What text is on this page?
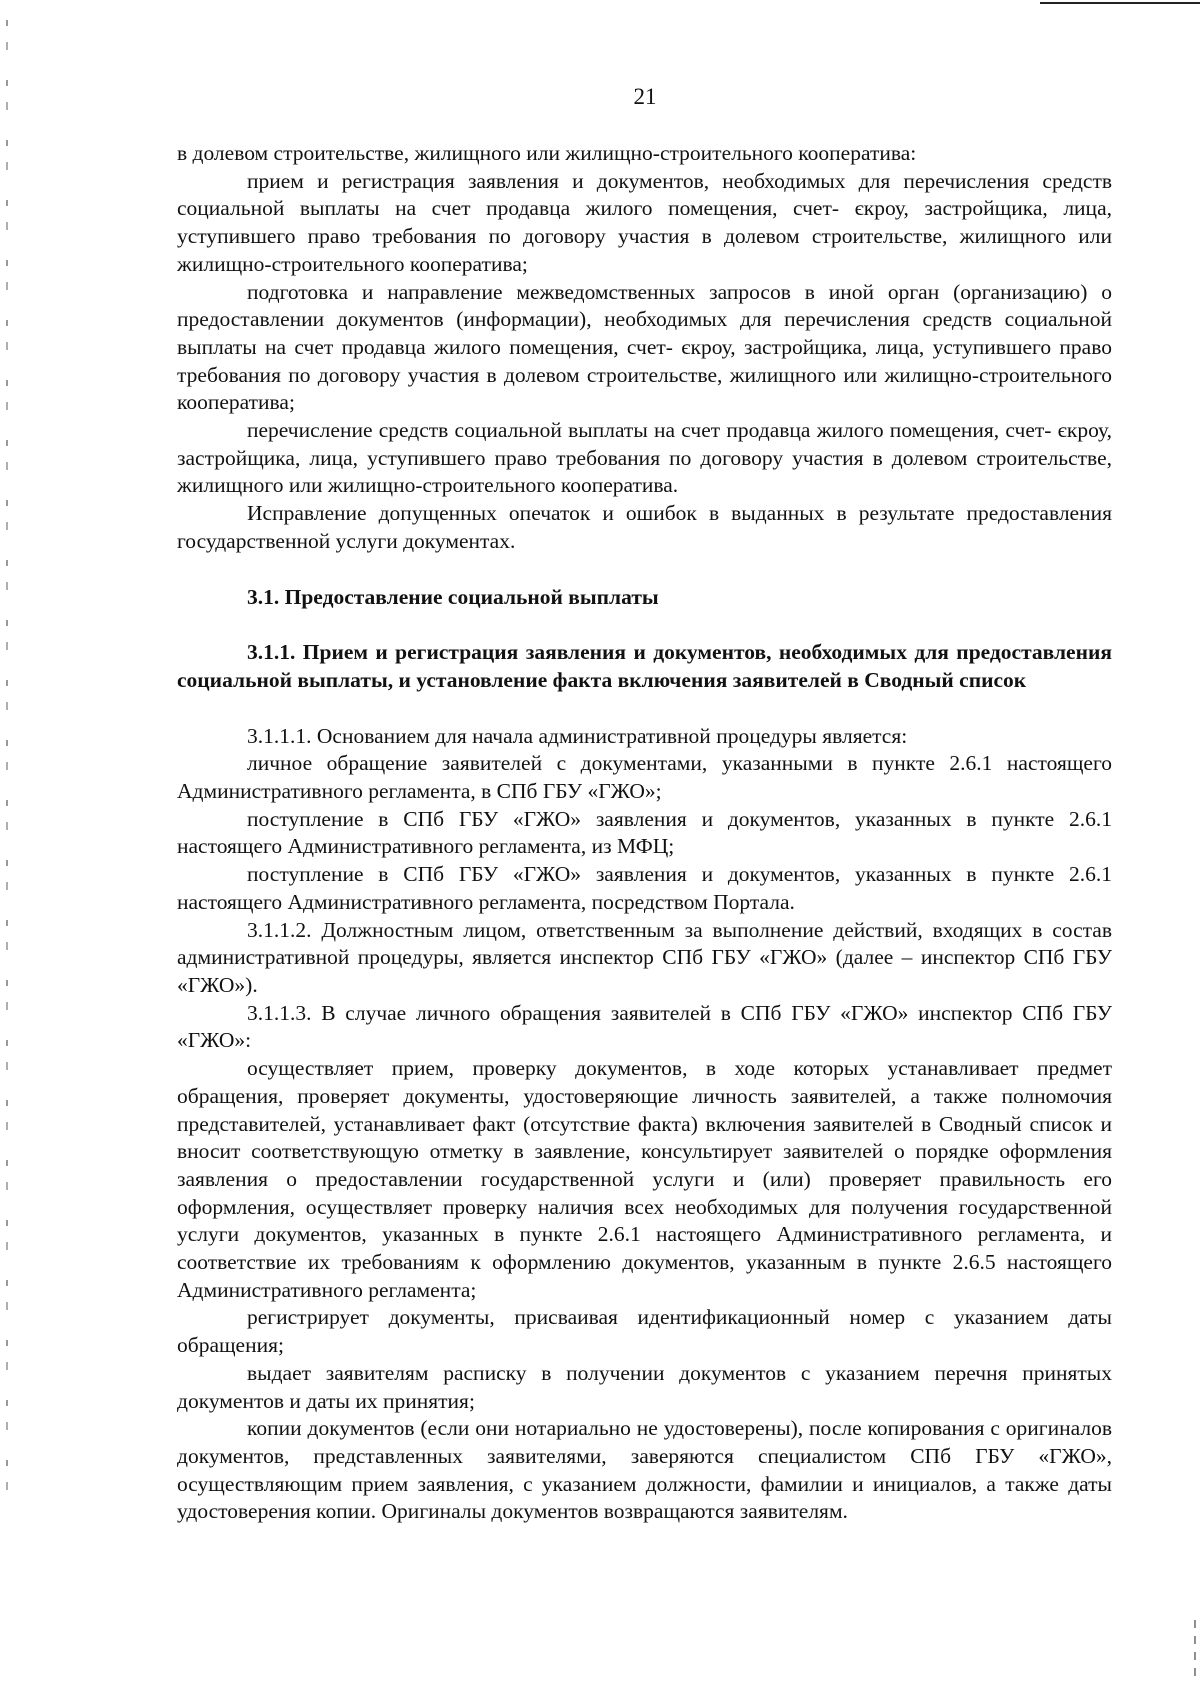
21

в долевом строительстве, жилищного или жилищно-строительного кооператива:

прием и регистрация заявления и документов, необходимых для перечисления средств социальной выплаты на счет продавца жилого помещения, счет- єкроу, застройщика, лица, уступившего право требования по договору участия в долевом строительстве, жилищного или жилищно-строительного кооператива;

подготовка и направление межведомственных запросов в иной орган (организацию) о предоставлении документов (информации), необходимых для перечисления средств социальной выплаты на счет продавца жилого помещения, счет- єкроу, застройщика, лица, уступившего право требования по договору участия в долевом строительстве, жилищного или жилищно-строительного кооператива;

перечисление средств социальной выплаты на счет продавца жилого помещения, счет- єкроу, застройщика, лица, уступившего право требования по договору участия в долевом строительстве, жилищного или жилищно-строительного кооператива.

Исправление допущенных опечаток и ошибок в выданных в результате предоставления государственной услуги документах.

3.1. Предоставление социальной выплаты

3.1.1. Прием и регистрация заявления и документов, необходимых для предоставления социальной выплаты, и установление факта включения заявителей в Сводный список

3.1.1.1. Основанием для начала административной процедуры является:

личное обращение заявителей с документами, указанными в пункте 2.6.1 настоящего Административного регламента, в СПб ГБУ «ГЖО»;

поступление в СПб ГБУ «ГЖО» заявления и документов, указанных в пункте 2.6.1 настоящего Административного регламента, из МФЦ;

поступление в СПб ГБУ «ГЖО» заявления и документов, указанных в пункте 2.6.1 настоящего Административного регламента, посредством Портала.

3.1.1.2. Должностным лицом, ответственным за выполнение действий, входящих в состав административной процедуры, является инспектор СПб ГБУ «ГЖО» (далее – инспектор СПб ГБУ «ГЖО»).

3.1.1.3. В случае личного обращения заявителей в СПб ГБУ «ГЖО» инспектор СПб ГБУ «ГЖО»:

осуществляет прием, проверку документов, в ходе которых устанавливает предмет обращения, проверяет документы, удостоверяющие личность заявителей, а также полномочия представителей, устанавливает факт (отсутствие факта) включения заявителей в Сводный список и вносит соответствующую отметку в заявление, консультирует заявителей о порядке оформления заявления о предоставлении государственной услуги и (или) проверяет правильность его оформления, осуществляет проверку наличия всех необходимых для получения государственной услуги документов, указанных в пункте 2.6.1 настоящего Административного регламента, и соответствие их требованиям к оформлению документов, указанным в пункте 2.6.5 настоящего Административного регламента;

регистрирует документы, присваивая идентификационный номер с указанием даты обращения;

выдает заявителям расписку в получении документов с указанием перечня принятых документов и даты их принятия;

копии документов (если они нотариально не удостоверены), после копирования с оригиналов документов, представленных заявителями, заверяются специалистом СПб ГБУ «ГЖО», осуществляющим прием заявления, с указанием должности, фамилии и инициалов, а также даты удостоверения копии. Оригиналы документов возвращаются заявителям.
